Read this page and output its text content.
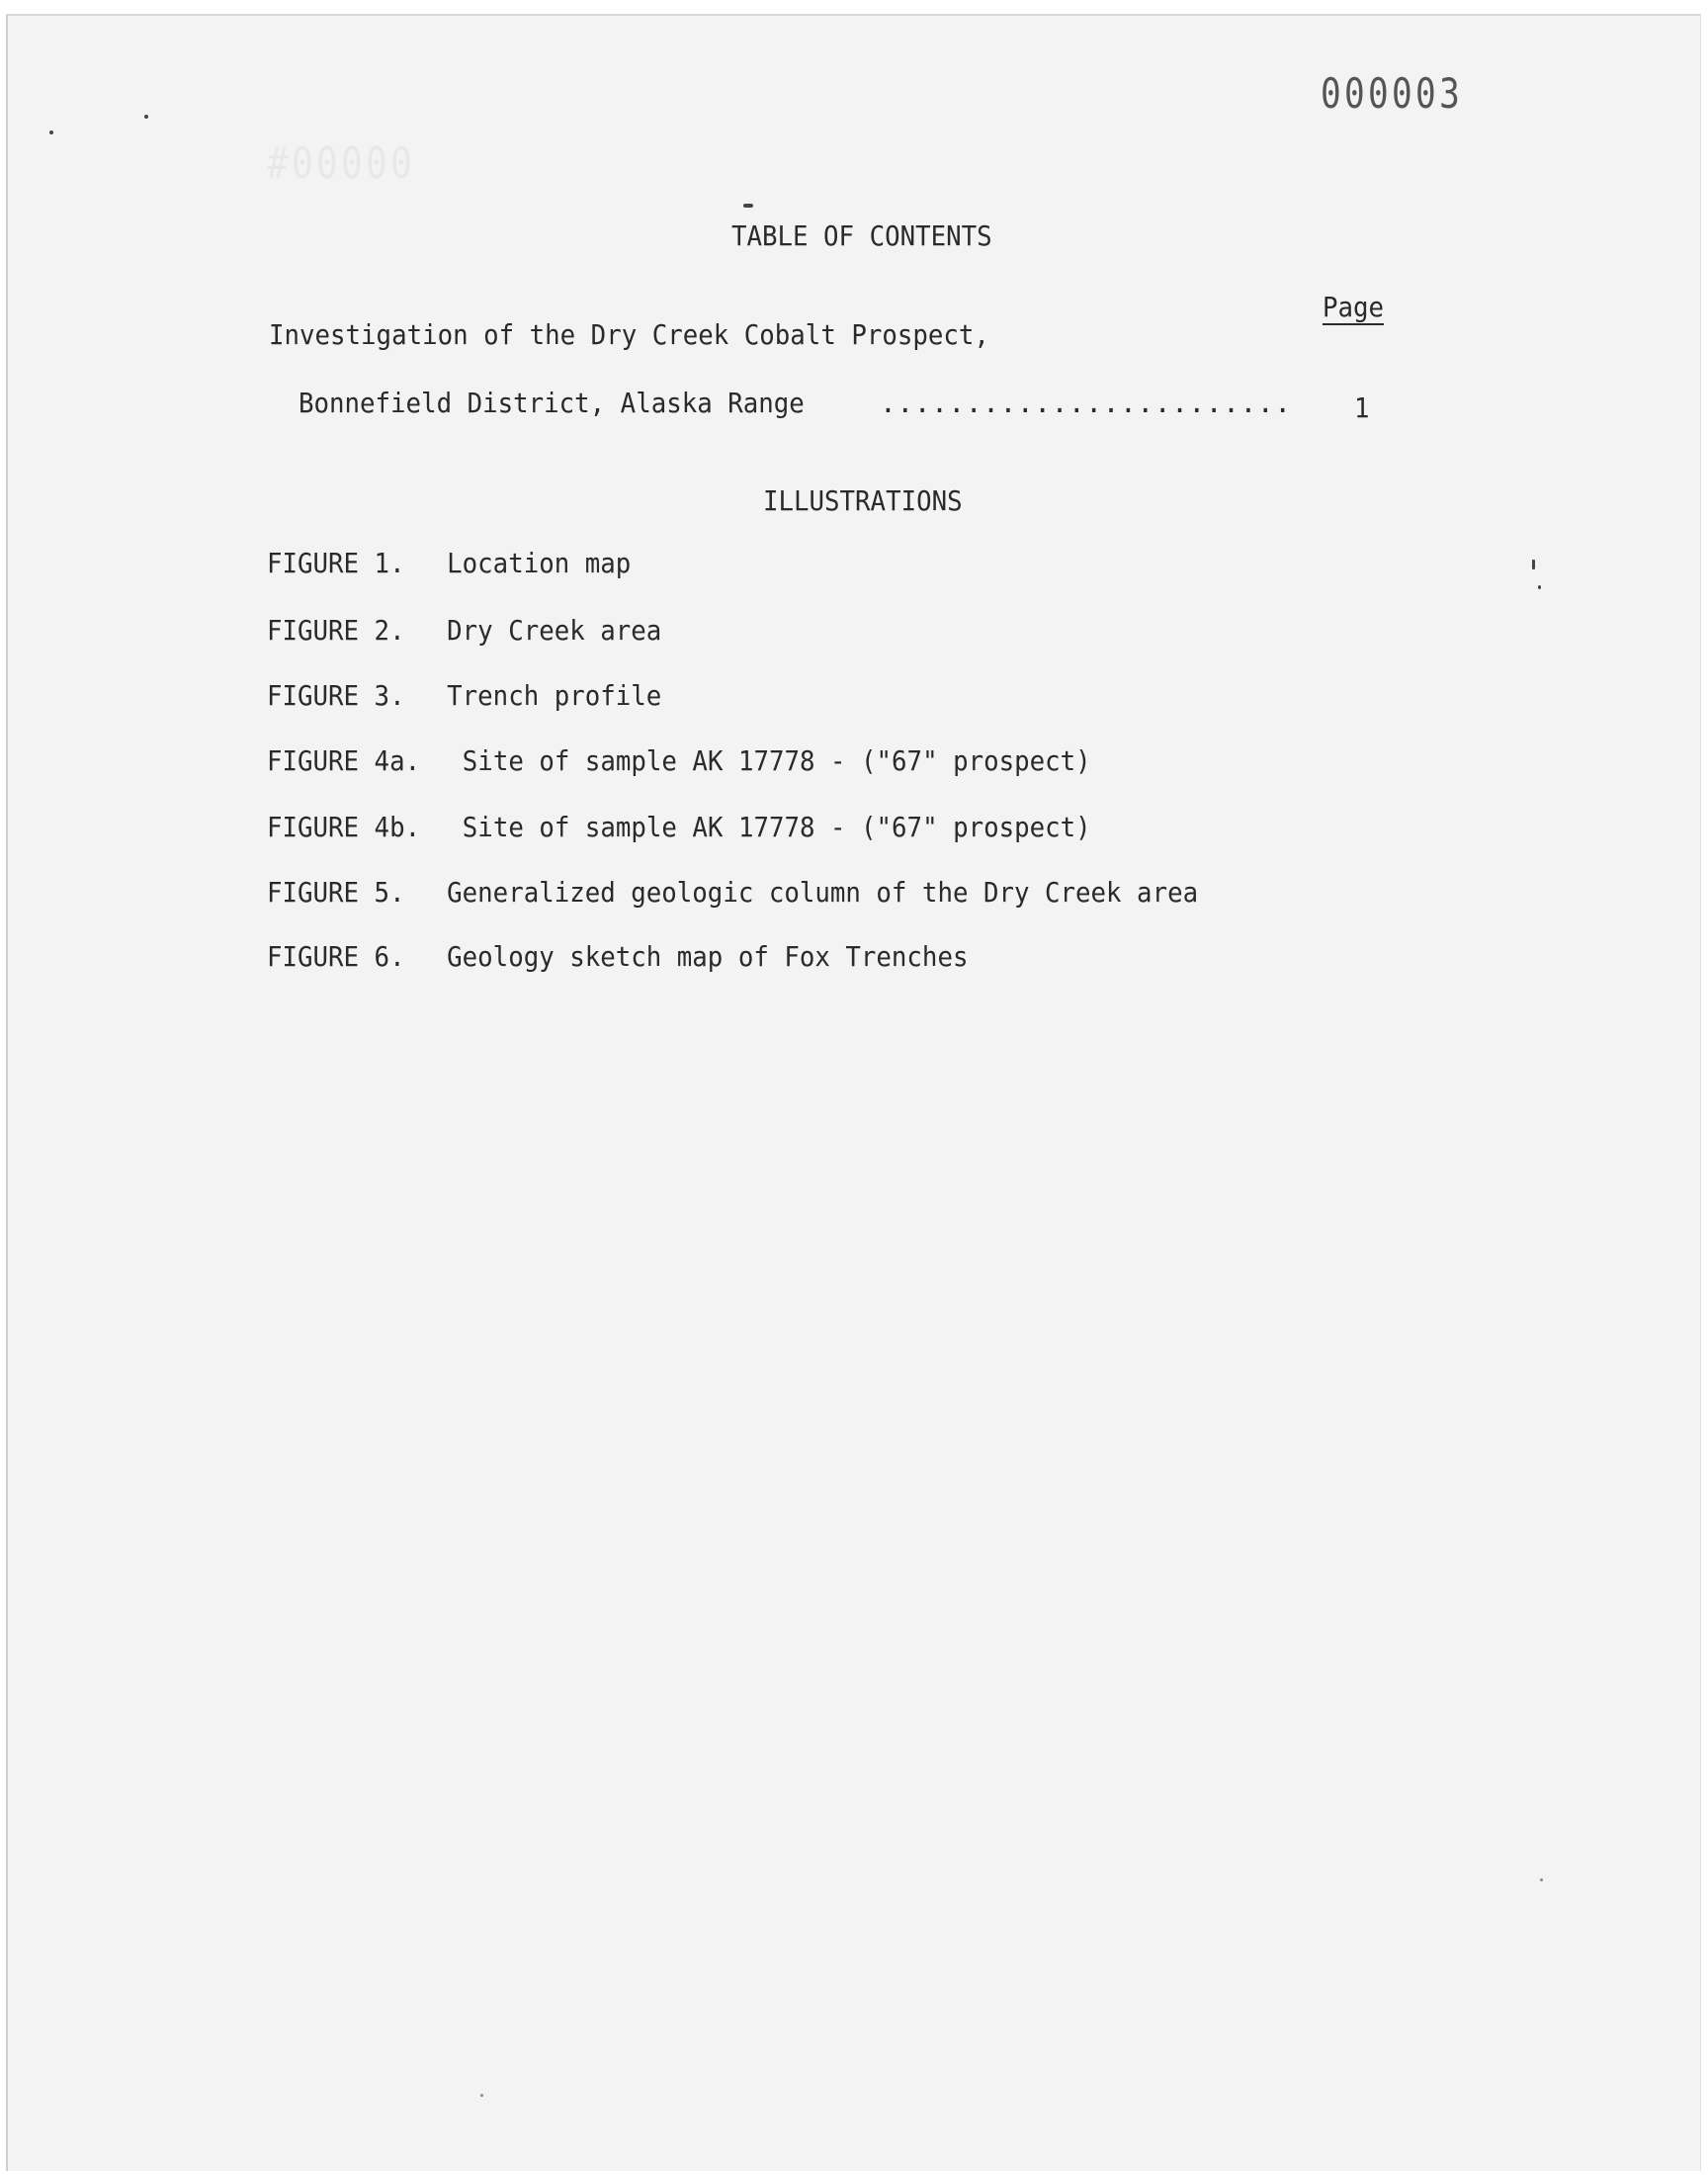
#00000
000003
TABLE OF CONTENTS
Page
Investigation of the Dry Creek Cobalt Prospect,
Bonnefield District, Alaska Range	........................ 1
ILLUSTRATIONS

FIGURE 1.

Location map

FIGURE 2.

Dry Creek area

FIGURE 3.

Trench profile

FIGURE 4a.

Site of sample AK 17778 - ("67" prospect)

FIGURE 4b.

Site of sample AK 17778 - ("67" prospect)

FIGURE 5.

Generalized geologic column of the Dry Creek area

FIGURE 6.

Geology sketch map of Fox Trenches
